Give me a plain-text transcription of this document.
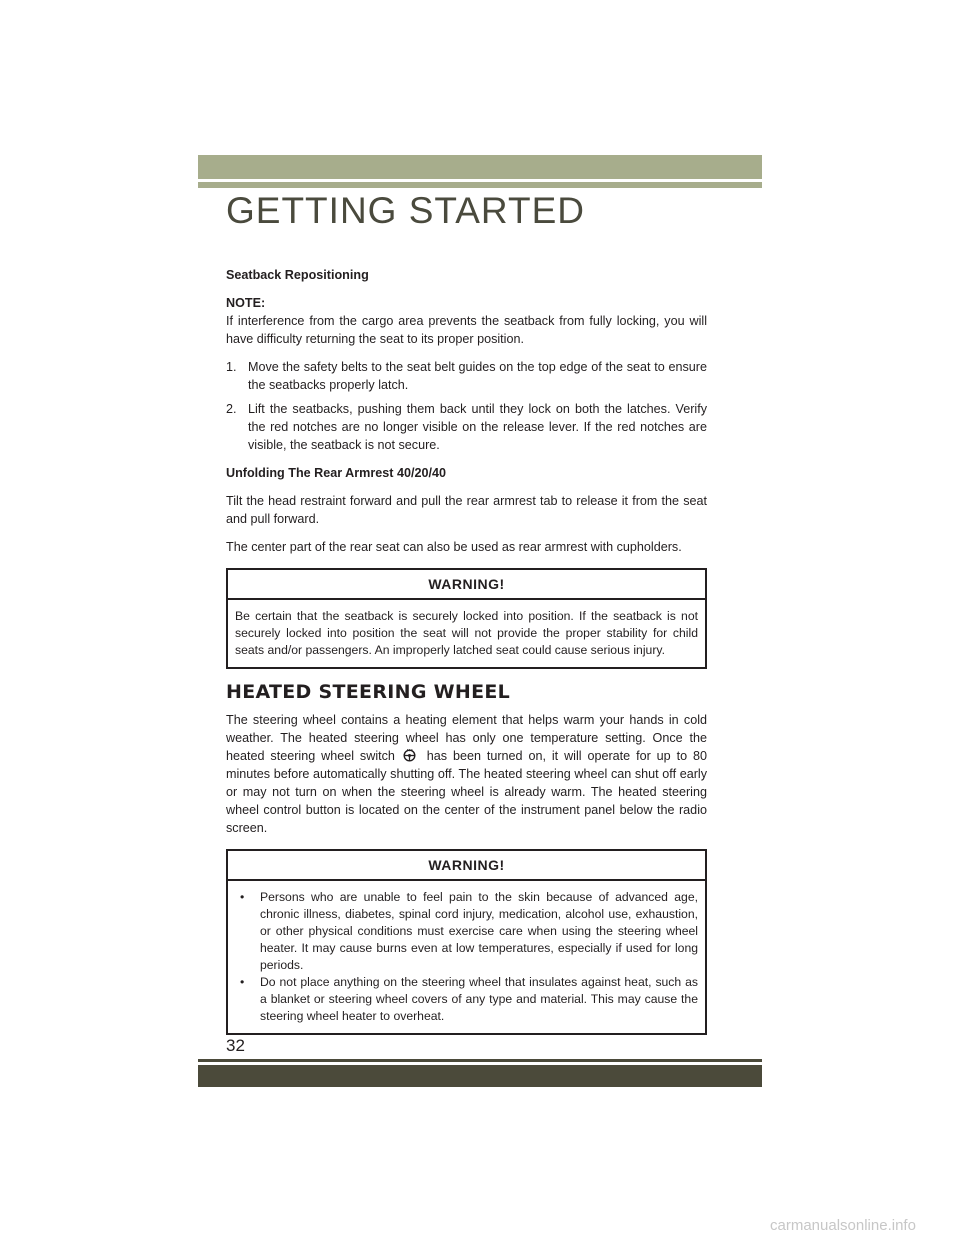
GETTING STARTED
Seatback Repositioning
NOTE:

If interference from the cargo area prevents the seatback from fully locking, you will have difficulty returning the seat to its proper position.

1. Move the safety belts to the seat belt guides on the top edge of the seat to ensure the seatbacks properly latch.
2. Lift the seatbacks, pushing them back until they lock on both the latches. Verify the red notches are no longer visible on the release lever. If the red notches are visible, the seatback is not secure.
Unfolding The Rear Armrest 40/20/40

Tilt the head restraint forward and pull the rear armrest tab to release it from the seat and pull forward.

The center part of the rear seat can also be used as rear armrest with cupholders.

WARNING!
Be certain that the seatback is securely locked into position. If the seatback is not securely locked into position the seat will not provide the proper stability for child seats and/or passengers. An improperly latched seat could cause serious injury.
HEATED STEERING WHEEL

The steering wheel contains a heating element that helps warm your hands in cold weather. The heated steering wheel has only one temperature setting. Once the heated steering wheel switch	has been turned on, it will operate for up to 80 minutes before automatically shutting off. The heated steering wheel can shut off early or may not turn on when the steering wheel is already warm. The heated steering wheel control button is located on the center of the instrument panel below the radio screen.

WARNING!
• Persons who are unable to feel pain to the skin because of advanced age, chronic illness, diabetes, spinal cord injury, medication, alcohol use, exhaustion, or other physical conditions must exercise care when using the steering wheel heater. It may cause burns even at low temperatures, especially if used for long periods.
• Do not place anything on the steering wheel that insulates against heat, such as a blanket or steering wheel covers of any type and material. This may cause the steering wheel heater to overheat.
32
carmanualsonline.info
